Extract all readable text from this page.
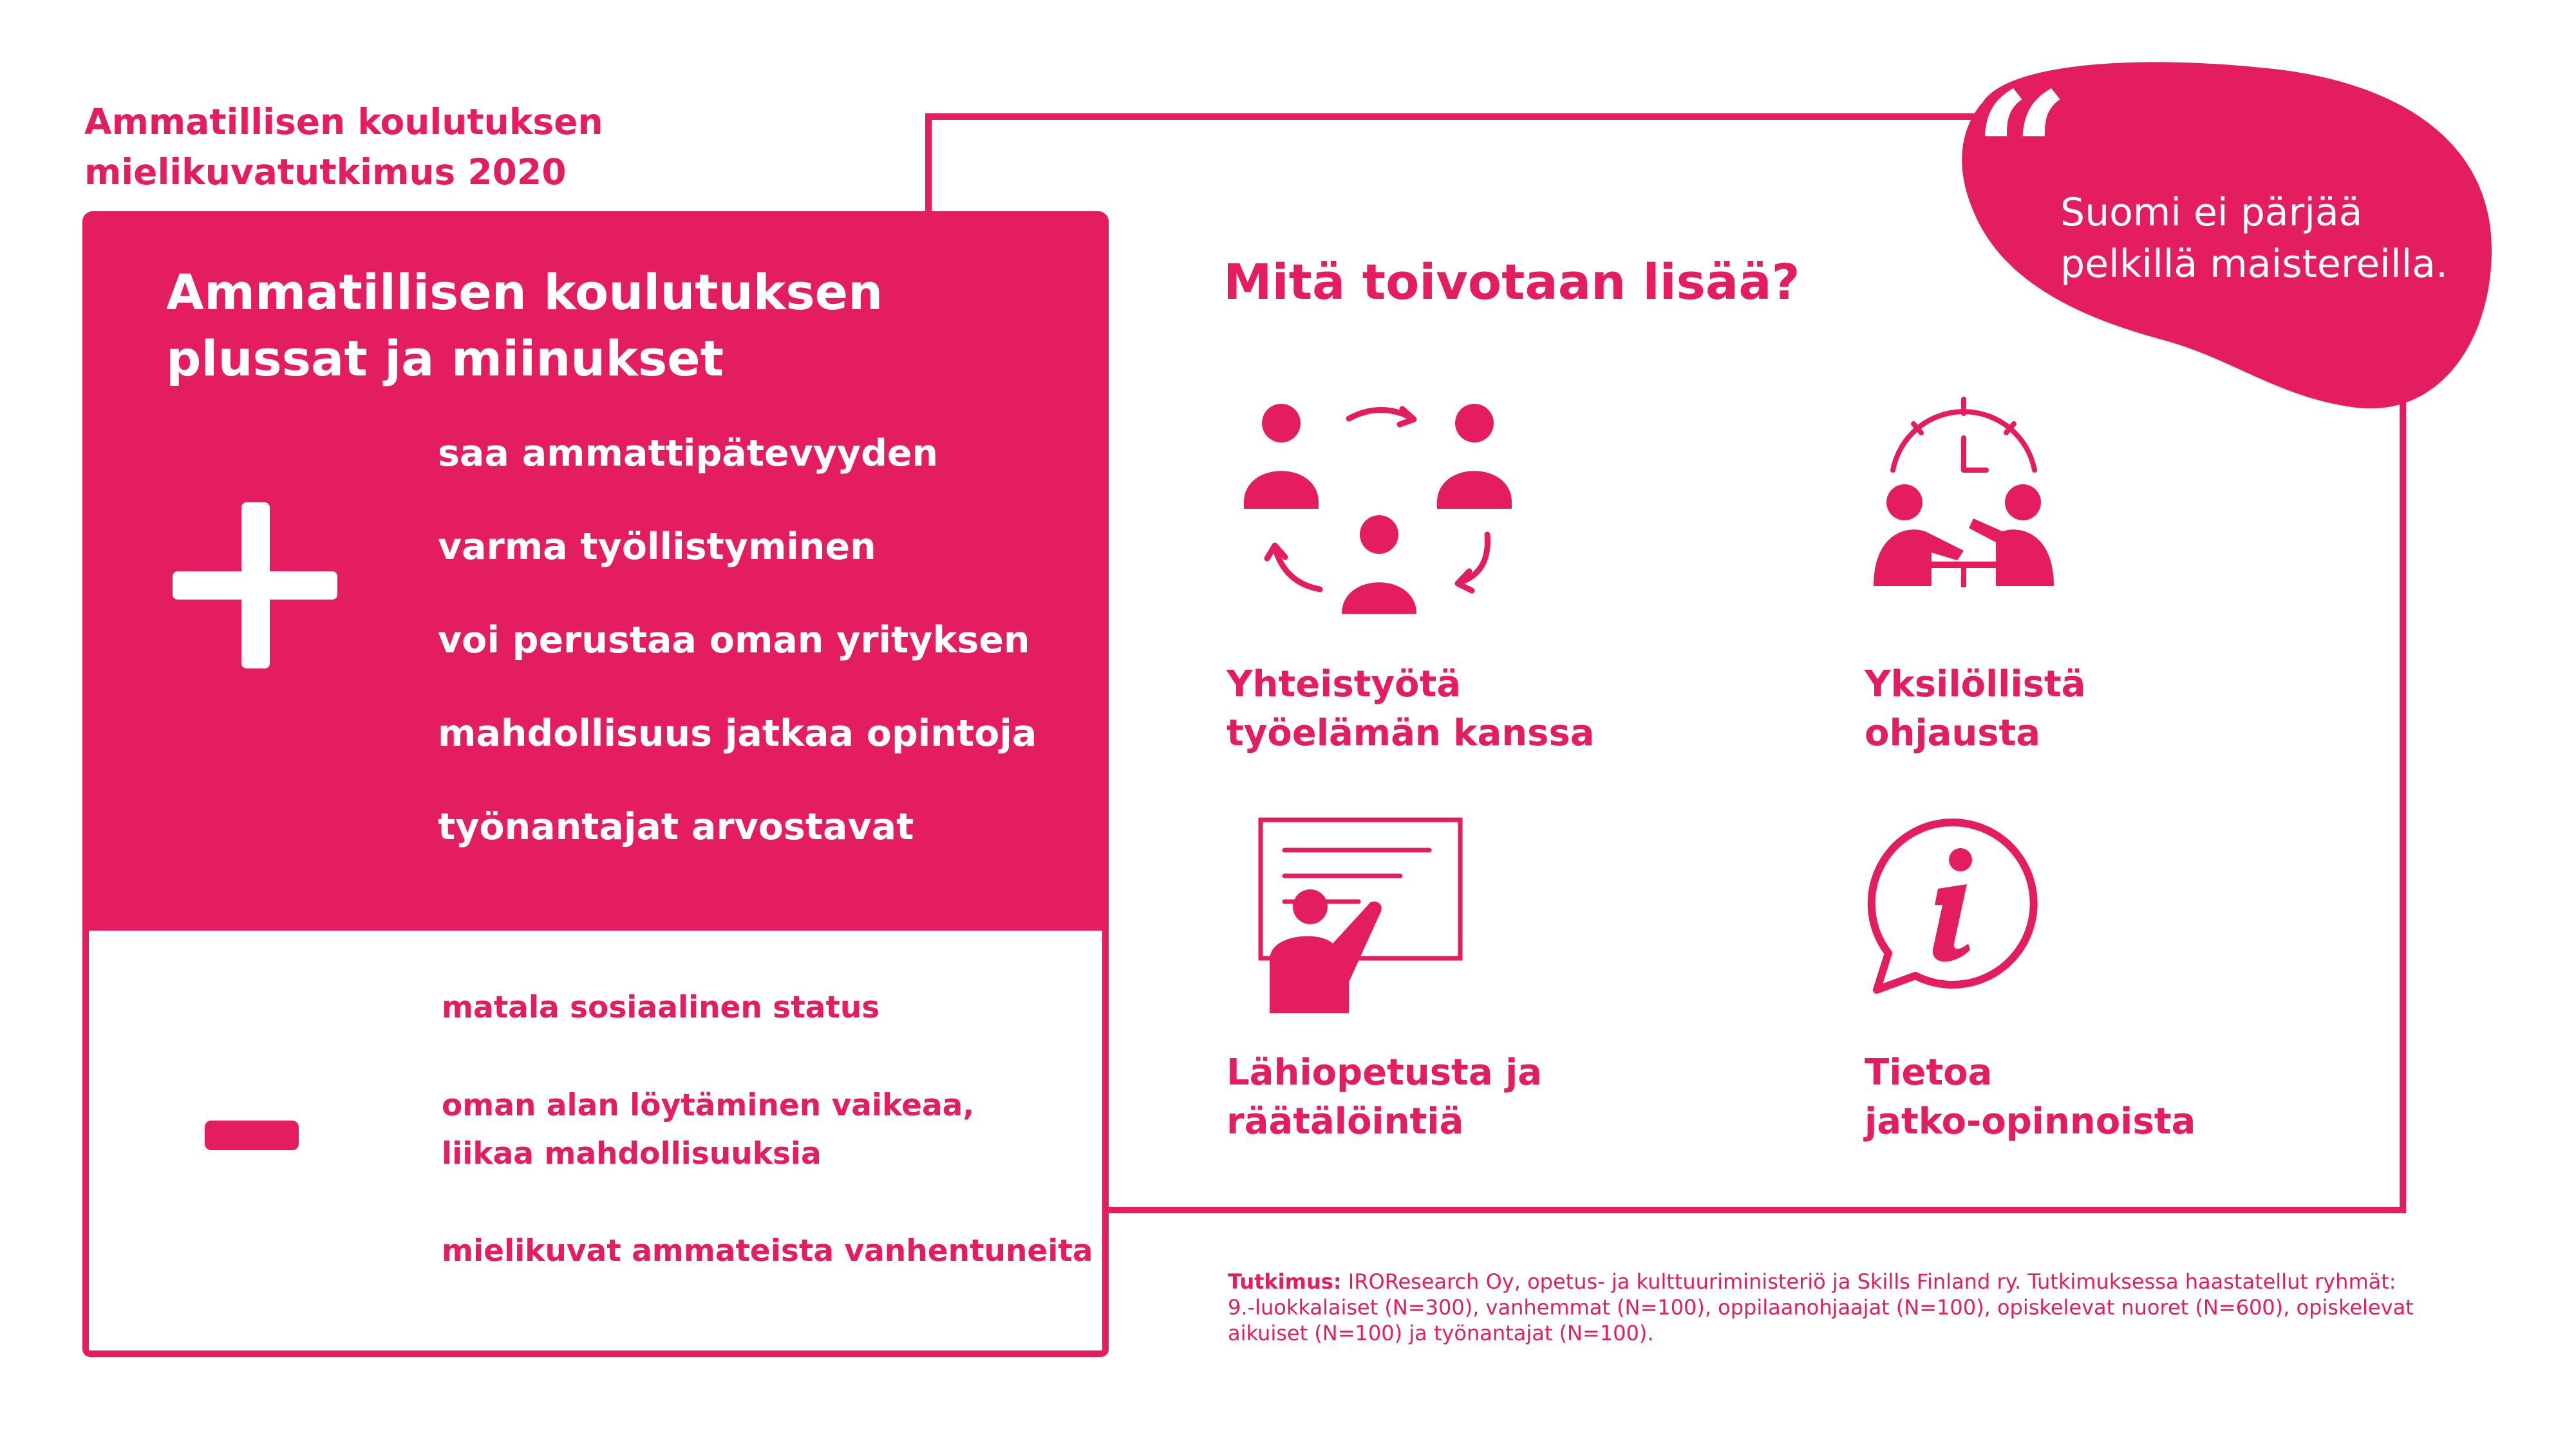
Ammatillisen koulutuksen
mielikuvatutkimus 2020
Ammatillisen koulutuksen
plussat ja miinukset
saa ammattipätevyyden
varma työllistyminen
voi perustaa oman yrityksen
mahdollisuus jatkaa opintoja
työnantajat arvostavat
matala sosiaalinen status
oman alan löytäminen vaikeaa,
liikaa mahdollisuuksia
mielikuvat ammateista vanhentuneita
“
Suomi ei pärjää
pelkillä maistereilla.
Mitä toivotaan lisää?
Yhteistyötä
työelämän kanssa
Yksilöllistä
ohjausta
Lähiopetusta ja
räätälöintiä
Tietoa
jatko-opinnoista
Tutkimus: IROResearch Oy, opetus- ja kulttuuriministeriö ja Skills Finland ry. Tutkimuksessa haastatellut ryhmät: 9.-luokkalaiset (N=300), vanhemmat (N=100), oppilaanohjaajat (N=100), opiskelevat nuoret (N=600), opiskelevat aikuiset (N=100) ja työnantajat (N=100).
